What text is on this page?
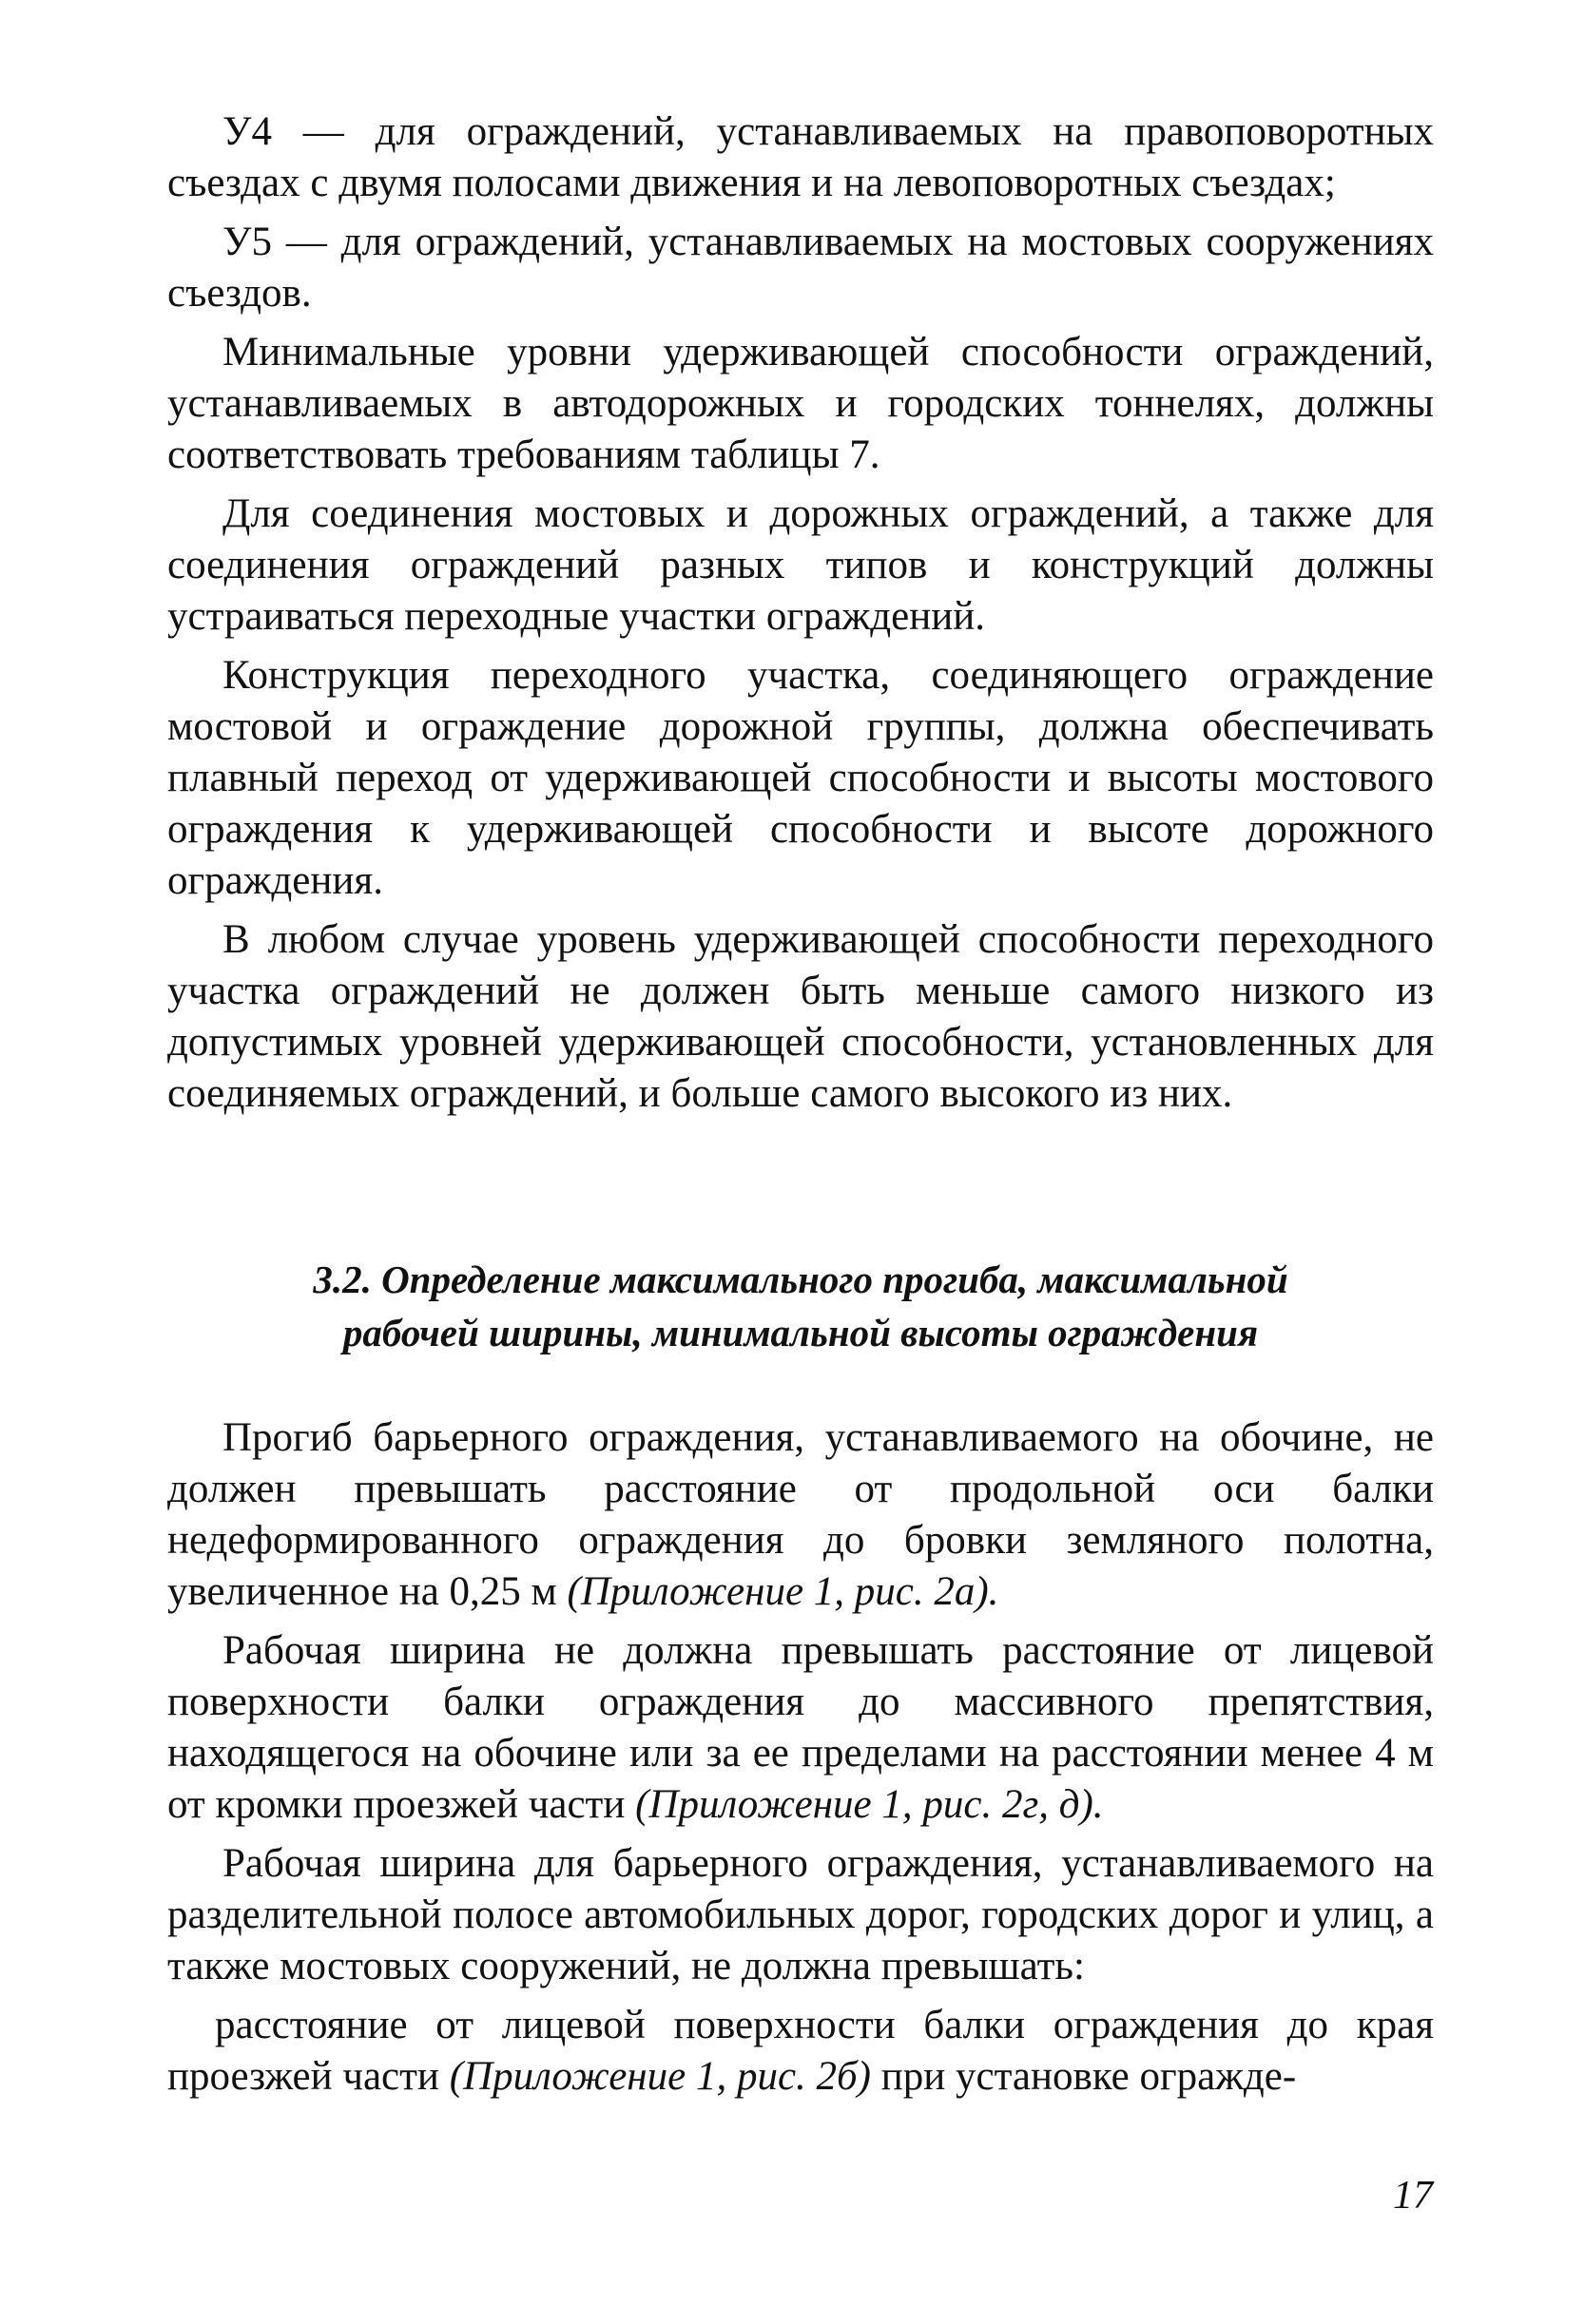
У4 — для ограждений, устанавливаемых на правоповоротных съездах с двумя полосами движения и на левоповоротных съездах;

У5 — для ограждений, устанавливаемых на мостовых сооружениях съездов.

Минимальные уровни удерживающей способности ограждений, устанавливаемых в автодорожных и городских тоннелях, должны соответствовать требованиям таблицы 7.

Для соединения мостовых и дорожных ограждений, а также для соединения ограждений разных типов и конструкций должны устраиваться переходные участки ограждений.

Конструкция переходного участка, соединяющего ограждение мостовой и ограждение дорожной группы, должна обеспечивать плавный переход от удерживающей способности и высоты мостового ограждения к удерживающей способности и высоте дорожного ограждения.

В любом случае уровень удерживающей способности переходного участка ограждений не должен быть меньше самого низкого из допустимых уровней удерживающей способности, установленных для соединяемых ограждений, и больше самого высокого из них.

3.2. Определение максимального прогиба, максимальной
рабочей ширины, минимальной высоты ограждения

Прогиб барьерного ограждения, устанавливаемого на обочине, не должен превышать расстояние от продольной оси балки недеформированного ограждения до бровки земляного полотна, увеличенное на 0,25 м (Приложение 1, рис. 2а).

Рабочая ширина не должна превышать расстояние от лицевой поверхности балки ограждения до массивного препятствия, находящегося на обочине или за ее пределами на расстоянии менее 4 м от кромки проезжей части (Приложение 1, рис. 2г, д).

Рабочая ширина для барьерного ограждения, устанавливаемого на разделительной полосе автомобильных дорог, городских дорог и улиц, а также мостовых сооружений, не должна превышать:

расстояние от лицевой поверхности балки ограждения до края проезжей части (Приложение 1, рис. 2б) при установке огражде-

17
